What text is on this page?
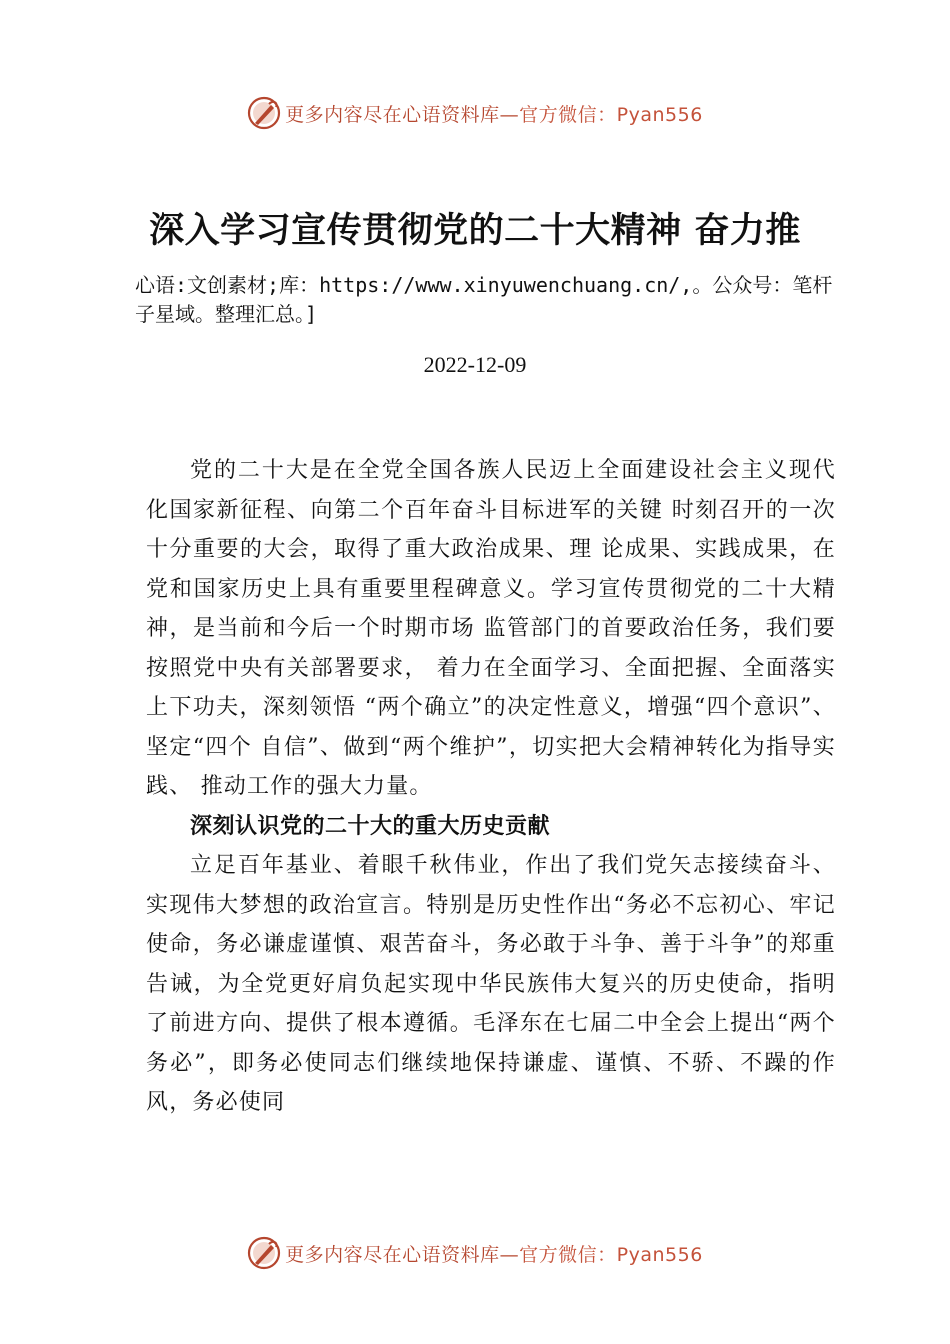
更多内容尽在心语资料库—官方微信：Pyan556
深入学习宣传贯彻党的二十大精神 奋力推
心语:文创素材;库：https://www.xinyuwenchuang.cn/,。公众号：笔杆子星域。整理汇总。]
2022-12-09

党的二十大是在全党全国各族人民迈上全面建设社会主义现代化国家新征程、向第二个百年奋斗目标进军的关键 时刻召开的一次十分重要的大会，取得了重大政治成果、理 论成果、实践成果，在党和国家历史上具有重要里程碑意义。学习宣传贯彻党的二十大精神，是当前和今后一个时期市场 监管部门的首要政治任务，我们要按照党中央有关部署要求， 着力在全面学习、全面把握、全面落实上下功夫，深刻领悟 “两个确立”的决定性意义，增强“四个意识”、坚定“四个 自信”、做到“两个维护”，切实把大会精神转化为指导实践、 推动工作的强大力量。

深刻认识党的二十大的重大历史贡献

立足百年基业、着眼千秋伟业，作出了我们党矢志接续奋斗、实现伟大梦想的政治宣言。特别是历史性作出“务必不忘初心、牢记使命，务必谦虚谨慎、艰苦奋斗，务必敢于斗争、善于斗争”的郑重告诫，为全党更好肩负起实现中华民族伟大复兴的历史使命，指明了前进方向、提供了根本遵循。毛泽东在七届二中全会上提出“两个务必”，即务必使同志们继续地保持谦虚、谨慎、不骄、不躁的作风，务必使同

更多内容尽在心语资料库—官方微信：Pyan556
